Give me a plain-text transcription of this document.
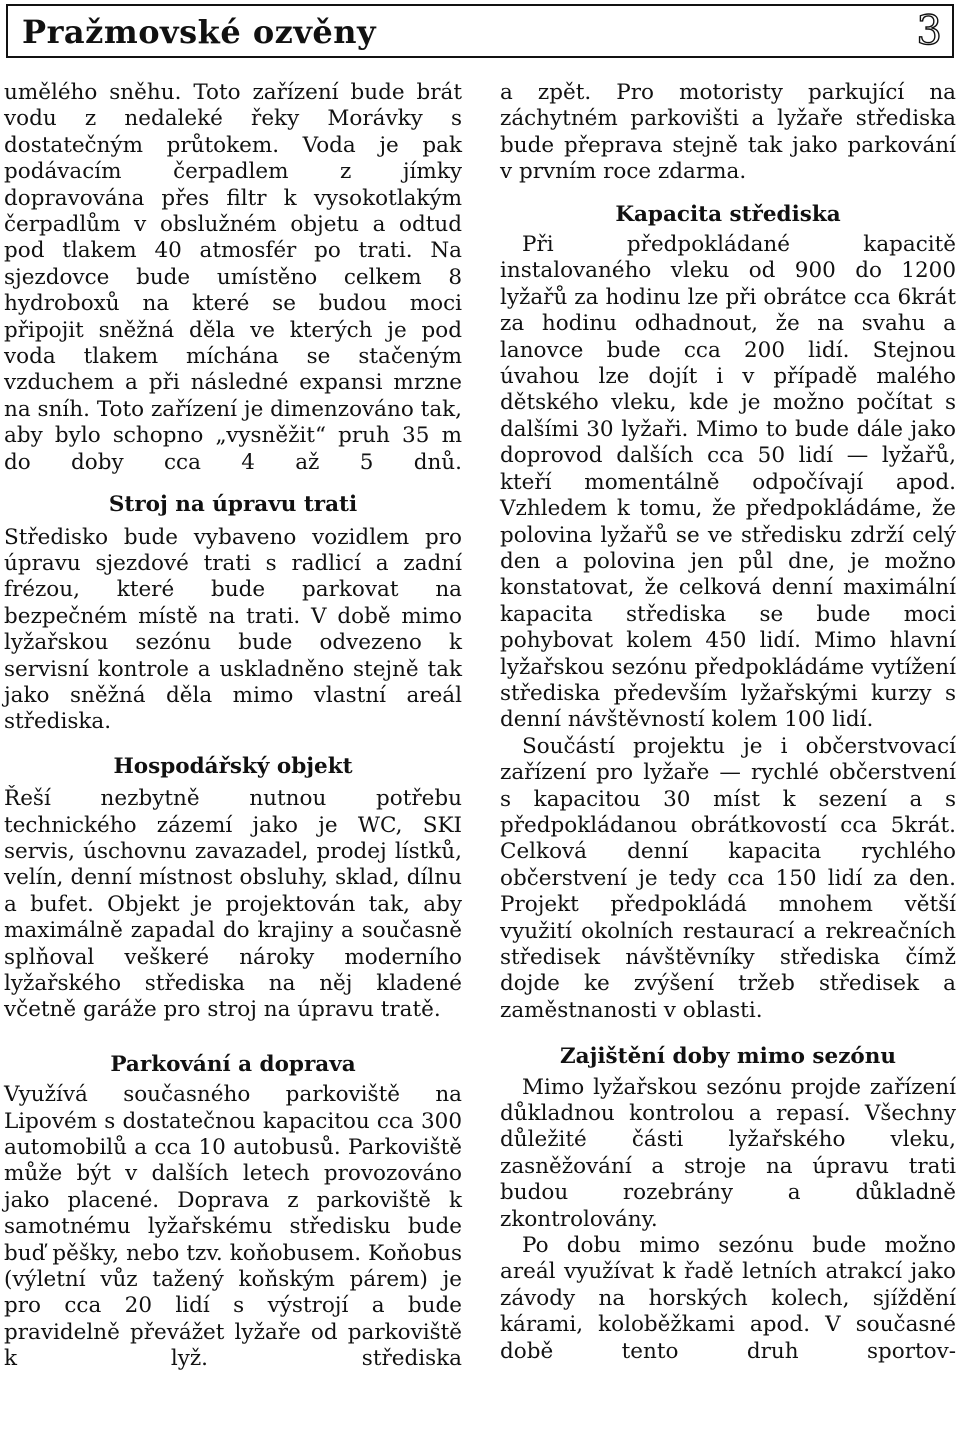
Pražmovské ozvěny	3

umělého sněhu. Toto zařízení bude brát vodu z nedaleké řeky Morávky s dostatečným průtokem. Voda je pak podávacím čerpadlem z jímky dopravována přes filtr k vysokotlakým čerpadlům v obslužném objetu a odtud pod tlakem 40 atmosfér po trati. Na sjezdovce bude umístěno celkem 8 hydroboxů na které se budou moci připojit sněžná děla ve kterých je pod voda tlakem míchána se stačeným vzduchem a při následné expansi mrzne na sníh. Toto zařízení je dimenzováno tak, aby bylo schopno „vysněžit“ pruh 35 m do doby cca 4 až 5 dnů.

Stroj na úpravu trati

Středisko bude vybaveno vozidlem pro úpravu sjezdové trati s radlicí a zadní frézou, které bude parkovat na bezpečném místě na trati. V době mimo lyžařskou sezónu bude odvezeno k servisní kontrole a uskladněno stejně tak jako sněžná děla mimo vlastní areál střediska.

Hospodářský objekt

Řeší nezbytně nutnou potřebu technického zázemí jako je WC, SKI servis, úschovnu zavazadel, prodej lístků, velín, denní místnost obsluhy, sklad, dílnu a bufet. Objekt je projektován tak, aby maximálně zapadal do krajiny a současně splňoval veškeré nároky moderního lyžařského střediska na něj kladené včetně garáže pro stroj na úpravu tratě.

Parkování a doprava

Využívá současného parkoviště na Lipovém s dostatečnou kapacitou cca 300 automobilů a cca 10 autobusů. Parkoviště může být v dalších letech provozováno jako placené. Doprava z parkoviště k samotnému lyžařskému středisku bude buď pěšky, nebo tzv. koňobusem. Koňobus (výletní vůz tažený koňským párem) je pro cca 20 lidí s výstrojí a bude pravidelně převážet lyžaře od parkoviště k lyž. střediska

a zpět. Pro motoristy parkující na záchytném parkovišti a lyžaře střediska bude přeprava stejně tak jako parkování v prvním roce zdarma.

Kapacita střediska

Při předpokládané kapacitě instalovaného vleku od 900 do 1200 lyžařů za hodinu lze při obrátce cca 6krát za hodinu odhadnout, že na svahu a lanovce bude cca 200 lidí. Stejnou úvahou lze dojít i v případě malého dětského vleku, kde je možno počítat s dalšími 30 lyžaři. Mimo to bude dále jako doprovod dalších cca 50 lidí — lyžařů, kteří momentálně odpočívají apod. Vzhledem k tomu, že předpokládáme, že polovina lyžařů se ve středisku zdrží celý den a polovina jen půl dne, je možno konstatovat, že celková denní maximální kapacita střediska se bude moci pohybovat kolem 450 lidí. Mimo hlavní lyžařskou sezónu předpokládáme vytížení střediska především lyžařskými kurzy s denní návštěvností kolem 100 lidí.

Součástí projektu je i občerstvovací zařízení pro lyžaře — rychlé občerstvení s kapacitou 30 míst k sezení a s předpokládanou obrátkovostí cca 5krát. Celková denní kapacita rychlého občerstvení je tedy cca 150 lidí za den. Projekt předpokládá mnohem větší využití okolních restaurací a rekreačních středisek návštěvníky střediska čímž dojde ke zvýšení tržeb středisek a zaměstnanosti v oblasti.

Zajištění doby mimo sezónu

Mimo lyžařskou sezónu projde zařízení důkladnou kontrolou a repasí. Všechny důležité části lyžařského vleku, zasněžování a stroje na úpravu trati budou rozebrány a důkladně zkontrolovány.

Po dobu mimo sezónu bude možno areál využívat k řadě letních atrakcí jako závody na horských kolech, sjíždění kárami, koloběžkami apod. V současné době tento druh sportov-
